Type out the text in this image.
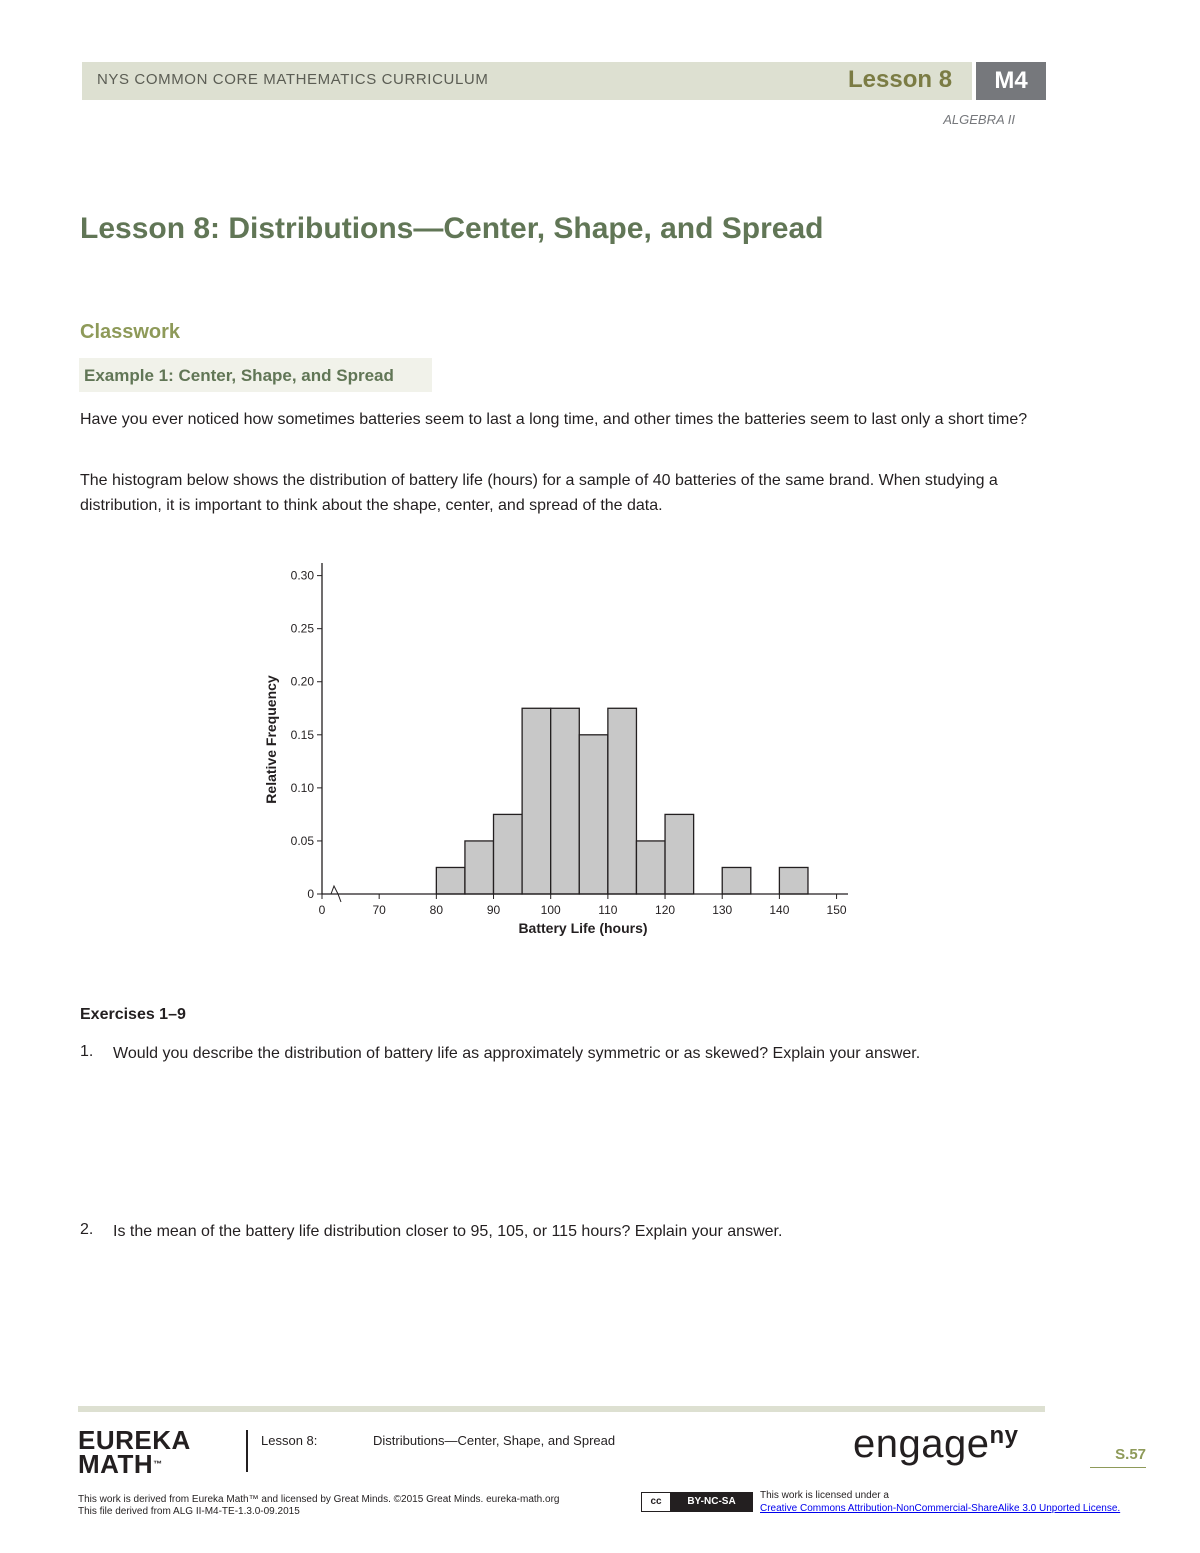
NYS COMMON CORE MATHEMATICS CURRICULUM	Lesson 8	M4
ALGEBRA II
Lesson 8: Distributions—Center, Shape, and Spread
Classwork
Example 1: Center, Shape, and Spread
Have you ever noticed how sometimes batteries seem to last a long time, and other times the batteries seem to last only a short time?
The histogram below shows the distribution of battery life (hours) for a sample of 40 batteries of the same brand. When studying a distribution, it is important to think about the shape, center, and spread of the data.
0
0.05
0.10
0.15
0.20
0.25
0.30
0	70	80	90	100	110	120	130	140	150
Battery Life (hours)
Relative Frequency
Exercises 1–9
1. Would you describe the distribution of battery life as approximately symmetric or as skewed? Explain your answer.
2. Is the mean of the battery life distribution closer to 95, 105, or 115 hours? Explain your answer.
EUREKA
MATH™
Lesson 8:	Distributions—Center, Shape, and Spread	engage$^{ny}$
S.57
This work is derived from Eureka Math™ and licensed by Great Minds. ©2015 Great Minds. eureka-math.org
This file derived from ALG II-M4-TE-1.3.0-09.2015
cc	BY-NC-SA
This work is licensed under a
Creative Commons Attribution-NonCommercial-ShareAlike 3.0 Unported License.
